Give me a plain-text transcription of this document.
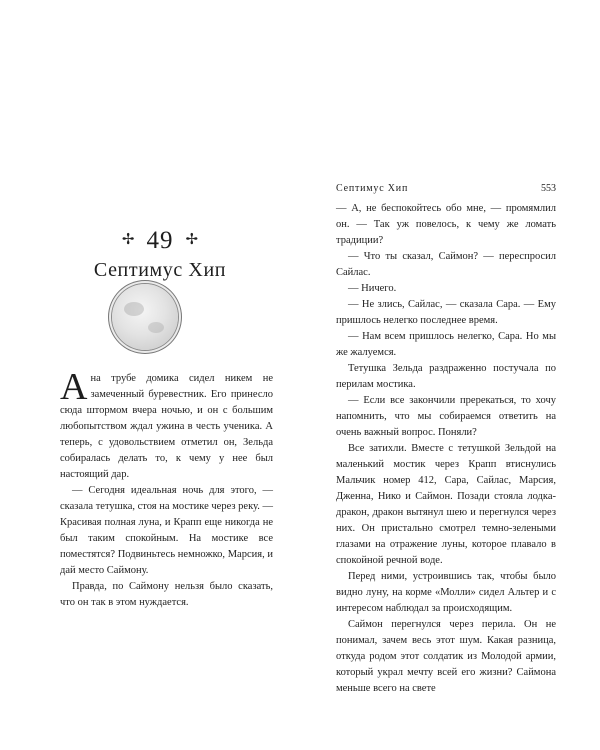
✢ 49 ✢
Септимус Хип

Ана трубе домика сидел никем не замеченный буревестник. Его принесло сюда штормом вчера ночью, и он с большим любопытством ждал ужина в честь ученика. А теперь, с удовольствием отметил он, Зельда собиралась делать то, к чему у нее был настоящий дар.

— Сегодня идеальная ночь для этого, — сказала тетушка, стоя на мостике через реку. — Красивая полная луна, и Крапп еще никогда не был таким спокойным. На мостике все поместятся? Подвиньтесь немножко, Марсия, и дай место Саймону.

Правда, по Саймону нельзя было сказать, что он так в этом нуждается.

Септимус Хип	553

— А, не беспокойтесь обо мне, — промямлил он. — Так уж повелось, к чему же ломать традиции?

— Что ты сказал, Саймон? — переспросил Сайлас.

— Ничего.

— Не злись, Сайлас, — сказала Сара. — Ему пришлось нелегко последнее время.

— Нам всем пришлось нелегко, Сара. Но мы же жалуемся.

Тетушка Зельда раздраженно постучала по перилам мостика.

— Если все закончили пререкаться, то хочу напомнить, что мы собираемся ответить на очень важный вопрос. Поняли?

Все затихли. Вместе с тетушкой Зельдой на маленький мостик через Крапп втиснулись Мальчик номер 412, Сара, Сайлас, Марсия, Дженна, Нико и Саймон. Позади стояла лодка-дракон, дракон вытянул шею и перегнулся через них. Он пристально смотрел темно-зелеными глазами на отражение луны, которое плавало в спокойной речной воде.

Перед ними, устроившись так, чтобы было видно луну, на корме «Молли» сидел Альтер и с интересом наблюдал за происходящим.

Саймон перегнулся через перила. Он не понимал, зачем весь этот шум. Какая разница, откуда родом этот солдатик из Молодой армии, который украл мечту всей его жизни? Саймона меньше всего на свете
